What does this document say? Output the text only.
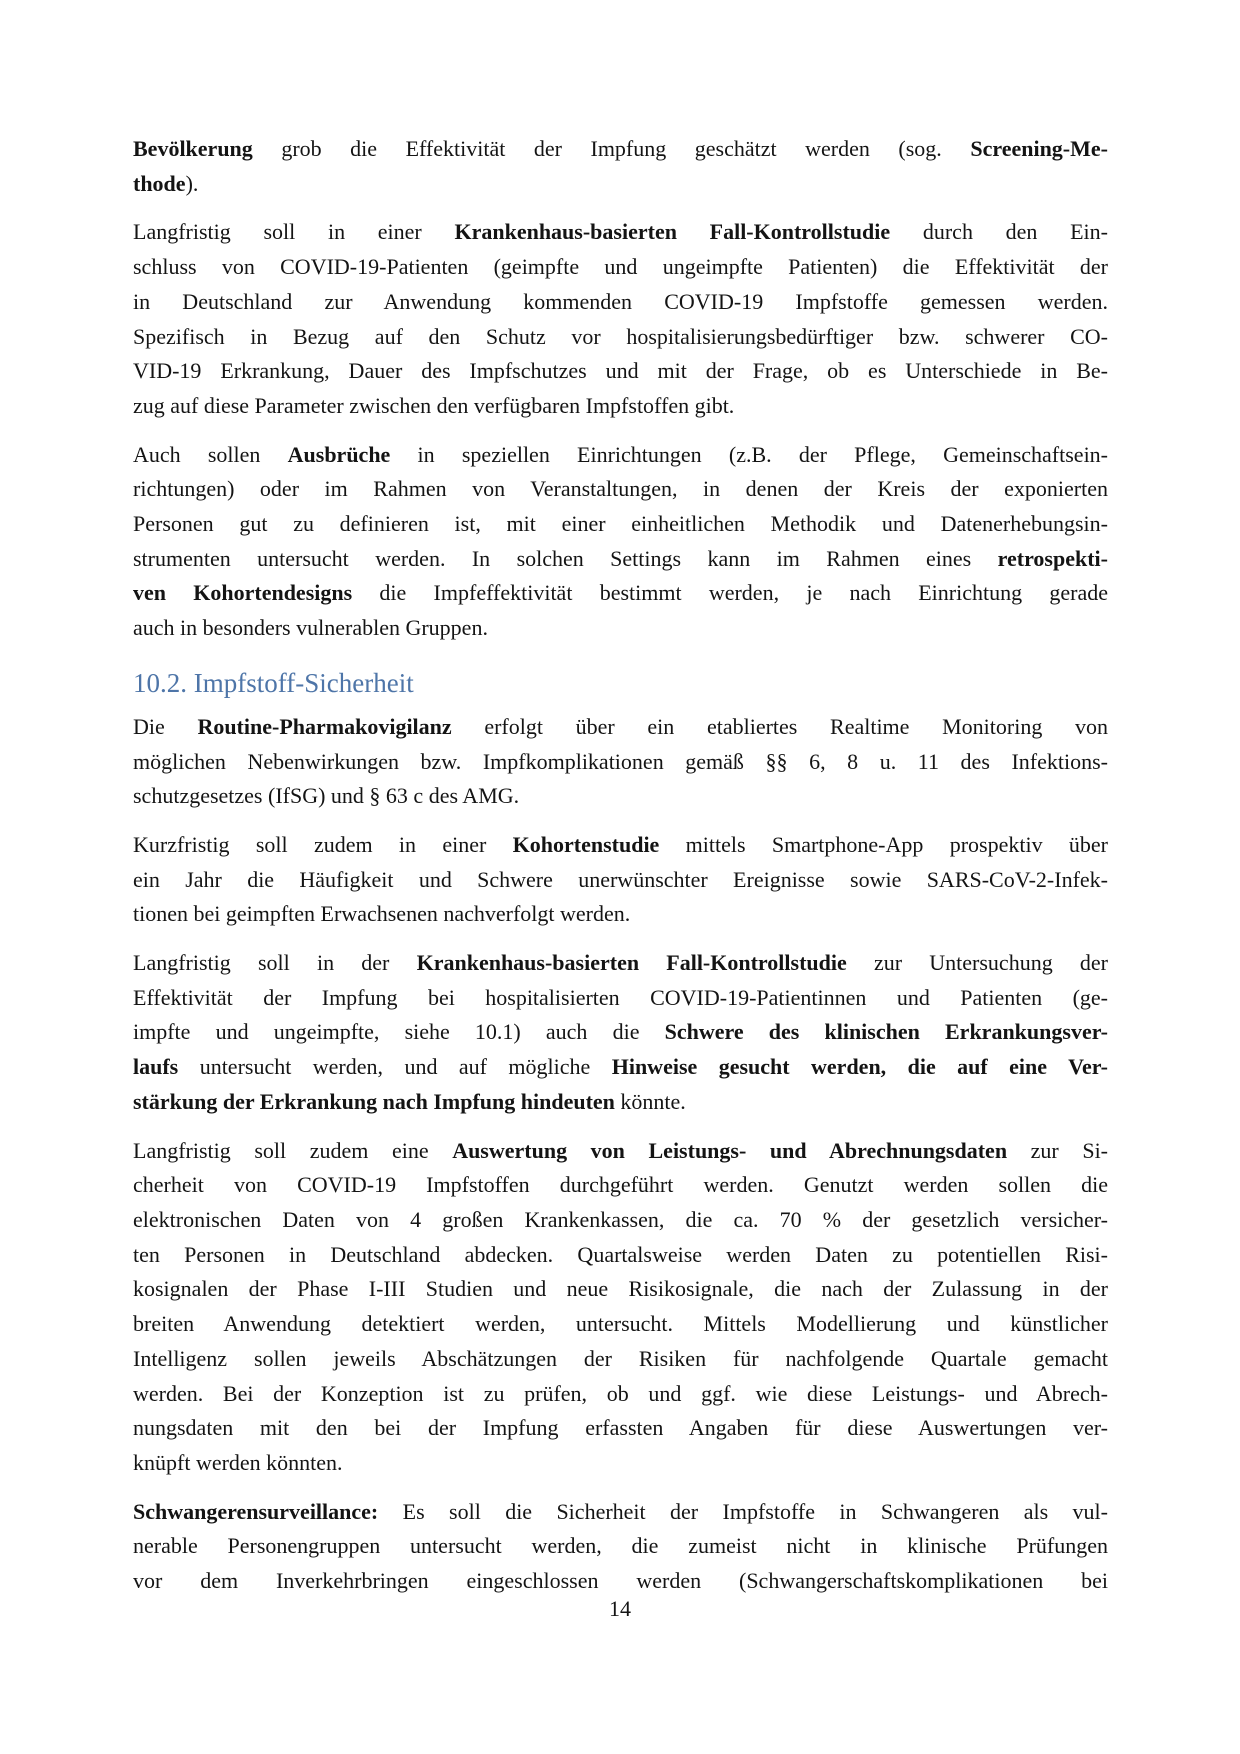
Bevölkerung grob die Effektivität der Impfung geschätzt werden (sog. Screening-Me-
thode).

Langfristig soll in einer Krankenhaus-basierten Fall-Kontrollstudie durch den Ein-
schluss von COVID-19-Patienten (geimpfte und ungeimpfte Patienten) die Effektivität der
in Deutschland zur Anwendung kommenden COVID-19 Impfstoffe gemessen werden.
Spezifisch in Bezug auf den Schutz vor hospitalisierungsbedürftiger bzw. schwerer CO-
VID-19 Erkrankung, Dauer des Impfschutzes und mit der Frage, ob es Unterschiede in Be-
zug auf diese Parameter zwischen den verfügbaren Impfstoffen gibt.

Auch sollen Ausbrüche in speziellen Einrichtungen (z.B. der Pflege, Gemeinschaftsein-
richtungen) oder im Rahmen von Veranstaltungen, in denen der Kreis der exponierten
Personen gut zu definieren ist, mit einer einheitlichen Methodik und Datenerhebungsin-
strumenten untersucht werden. In solchen Settings kann im Rahmen eines retrospekti-
ven Kohortendesigns die Impfeffektivität bestimmt werden, je nach Einrichtung gerade
auch in besonders vulnerablen Gruppen.

10.2. Impfstoff-Sicherheit

Die Routine-Pharmakovigilanz erfolgt über ein etabliertes Realtime Monitoring von
möglichen Nebenwirkungen bzw. Impfkomplikationen gemäß §§ 6, 8 u. 11 des Infektions-
schutzgesetzes (IfSG) und § 63 c des AMG.

Kurzfristig soll zudem in einer Kohortenstudie mittels Smartphone-App prospektiv über
ein Jahr die Häufigkeit und Schwere unerwünschter Ereignisse sowie SARS-CoV-2-Infek-
tionen bei geimpften Erwachsenen nachverfolgt werden.

Langfristig soll in der Krankenhaus-basierten Fall-Kontrollstudie zur Untersuchung der
Effektivität der Impfung bei hospitalisierten COVID-19-Patientinnen und Patienten (ge-
impfte und ungeimpfte, siehe 10.1) auch die Schwere des klinischen Erkrankungsver-
laufs untersucht werden, und auf mögliche Hinweise gesucht werden, die auf eine Ver-
stärkung der Erkrankung nach Impfung hindeuten könnte.

Langfristig soll zudem eine Auswertung von Leistungs- und Abrechnungsdaten zur Si-
cherheit von COVID-19 Impfstoffen durchgeführt werden. Genutzt werden sollen die
elektronischen Daten von 4 großen Krankenkassen, die ca. 70 % der gesetzlich versicher-
ten Personen in Deutschland abdecken. Quartalsweise werden Daten zu potentiellen Risi-
kosignalen der Phase I-III Studien und neue Risikosignale, die nach der Zulassung in der
breiten Anwendung detektiert werden, untersucht. Mittels Modellierung und künstlicher
Intelligenz sollen jeweils Abschätzungen der Risiken für nachfolgende Quartale gemacht
werden. Bei der Konzeption ist zu prüfen, ob und ggf. wie diese Leistungs- und Abrech-
nungsdaten mit den bei der Impfung erfassten Angaben für diese Auswertungen ver-
knüpft werden könnten.

Schwangerensurveillance: Es soll die Sicherheit der Impfstoffe in Schwangeren als vul-
nerable Personengruppen untersucht werden, die zumeist nicht in klinische Prüfungen
vor dem Inverkehrbringen eingeschlossen werden (Schwangerschaftskomplikationen bei

14
